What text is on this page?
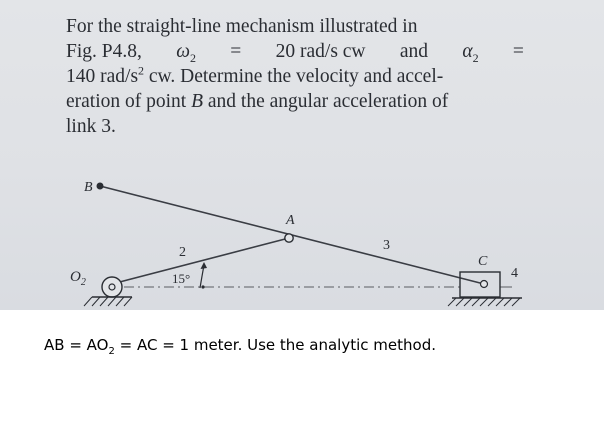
For the straight-line mechanism illustrated in
Fig. P4.8, $\omega_2 = 20$ rad/s cw and $\alpha_2$ =
140 rad/$s^2$ cw. Determine the velocity and accel-
eration of point B and the angular acceleration of
link 3.
B
A
C
$O_2$
2	3
4
15°

AB = $AO_2$ = AC = 1 meter. Use the analytic method.
